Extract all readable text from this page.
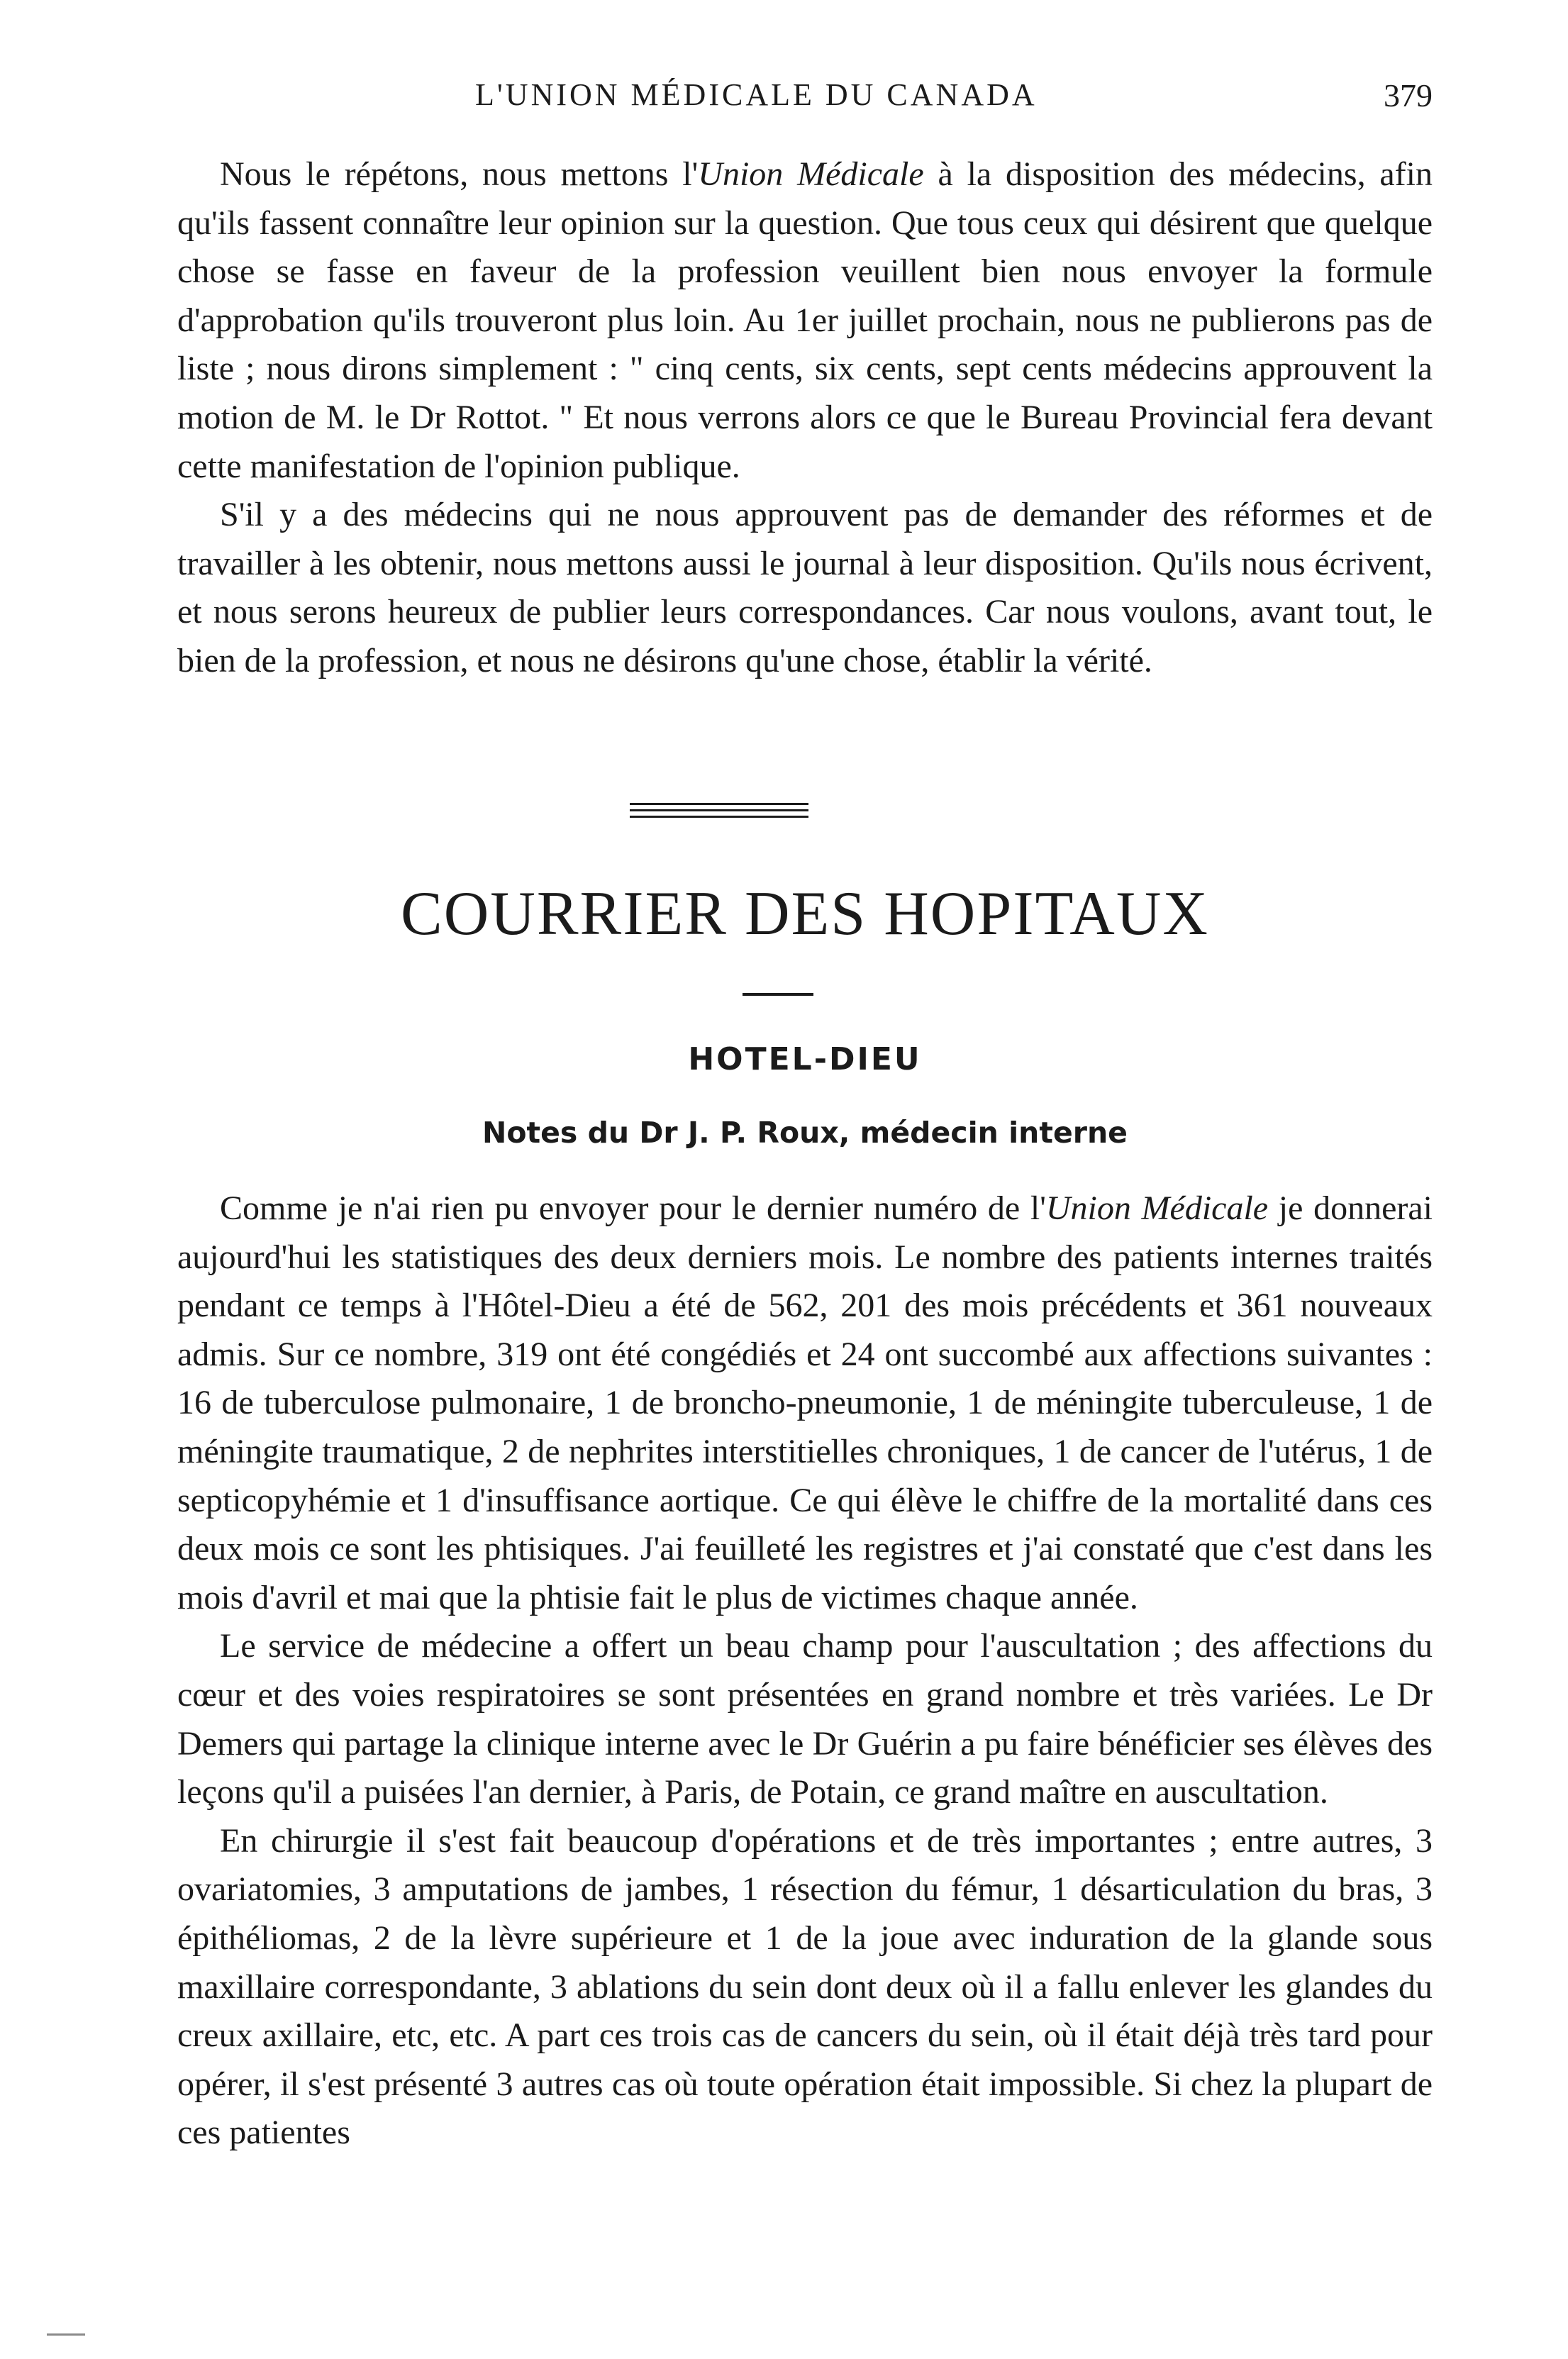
L'UNION MÉDICALE DU CANADA	379

Nous le répétons, nous mettons l'Union Médicale à la disposition des médecins, afin qu'ils fassent connaître leur opinion sur la question. Que tous ceux qui désirent que quelque chose se fasse en faveur de la profession veuillent bien nous envoyer la formule d'approbation qu'ils trouveront plus loin. Au 1er juillet prochain, nous ne publierons pas de liste ; nous dirons simplement : " cinq cents, six cents, sept cents médecins approuvent la motion de M. le Dr Rottot. " Et nous verrons alors ce que le Bureau Provincial fera devant cette manifestation de l'opinion publique.

S'il y a des médecins qui ne nous approuvent pas de demander des réformes et de travailler à les obtenir, nous mettons aussi le journal à leur disposition. Qu'ils nous écrivent, et nous serons heureux de publier leurs correspondances. Car nous voulons, avant tout, le bien de la profession, et nous ne désirons qu'une chose, établir la vérité.

COURRIER DES HOPITAUX
HOTEL-DIEU
Notes du Dr J. P. Roux, médecin interne

Comme je n'ai rien pu envoyer pour le dernier numéro de l'Union Médicale je donnerai aujourd'hui les statistiques des deux derniers mois. Le nombre des patients internes traités pendant ce temps à l'Hôtel-Dieu a été de 562, 201 des mois précédents et 361 nouveaux admis. Sur ce nombre, 319 ont été congédiés et 24 ont succombé aux affections suivantes : 16 de tuberculose pulmonaire, 1 de broncho-pneumonie, 1 de méningite tuberculeuse, 1 de méningite traumatique, 2 de nephrites interstitielles chroniques, 1 de cancer de l'utérus, 1 de septicopyhémie et 1 d'insuffisance aortique. Ce qui élève le chiffre de la mortalité dans ces deux mois ce sont les phtisiques. J'ai feuilleté les registres et j'ai constaté que c'est dans les mois d'avril et mai que la phtisie fait le plus de victimes chaque année.

Le service de médecine a offert un beau champ pour l'auscultation ; des affections du cœur et des voies respiratoires se sont présentées en grand nombre et très variées. Le Dr Demers qui partage la clinique interne avec le Dr Guérin a pu faire bénéficier ses élèves des leçons qu'il a puisées l'an dernier, à Paris, de Potain, ce grand maître en auscultation.

En chirurgie il s'est fait beaucoup d'opérations et de très importantes ; entre autres, 3 ovariatomies, 3 amputations de jambes, 1 résection du fémur, 1 désarticulation du bras, 3 épithéliomas, 2 de la lèvre supérieure et 1 de la joue avec induration de la glande sous maxillaire correspondante, 3 ablations du sein dont deux où il a fallu enlever les glandes du creux axillaire, etc, etc. A part ces trois cas de cancers du sein, où il était déjà très tard pour opérer, il s'est présenté 3 autres cas où toute opération était impossible. Si chez la plupart de ces patientes
